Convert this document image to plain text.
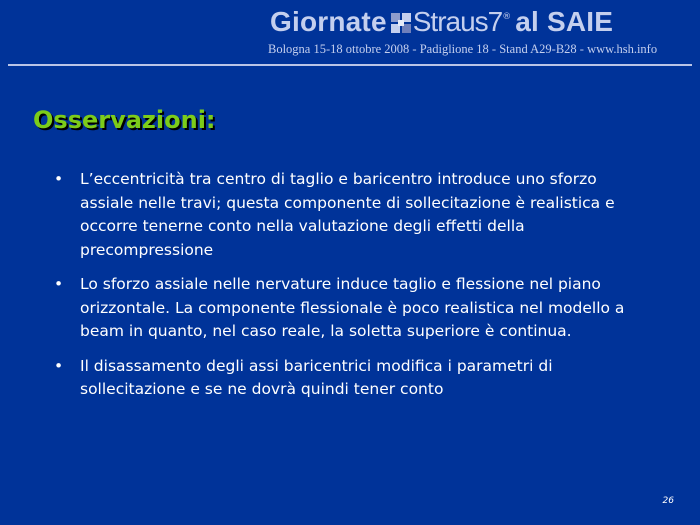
Giornate Straus7 ® al SAIE
Bologna 15-18 ottobre 2008 - Padiglione 18 - Stand A29-B28 - www.hsh.info
Osservazioni:
• L’eccentricità tra centro di taglio e baricentro introduce uno sforzo assiale nelle travi; questa componente di sollecitazione è realistica e occorre tenerne conto nella valutazione degli effetti della precompressione
• Lo sforzo assiale nelle nervature induce taglio e flessione nel piano orizzontale. La componente flessionale è poco realistica nel modello a beam in quanto, nel caso reale, la soletta superiore è continua.
• Il disassamento degli assi baricentrici modifica i parametri di sollecitazione e se ne dovrà quindi tener conto
26
